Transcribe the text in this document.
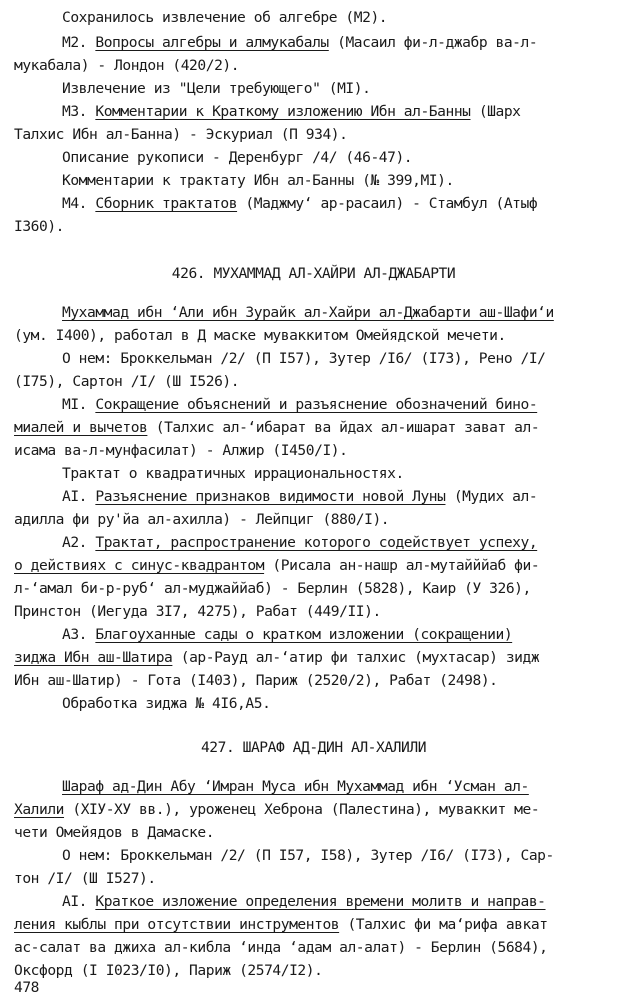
Сохранилось извлечение об алгебре (М2).

М2. Вопросы алгебры и алмукабалы (Масаил фи-л-джабр ва-л-

мукабала) - Лондон (420/2).

Извлечение из "Цели требующего" (МI).

М3. Комментарии к Краткому изложению Ибн ал-Банны (Шарх

Талхис Ибн ал-Банна) - Эскуриал (П 934).

Описание рукописи - Деренбург /4/ (46-47).

Комментарии к трактату Ибн ал-Банны (№ 399,МI).

М4. Сборник трактатов (Маджму‘ ар-расаил) - Стамбул (Атыф

I360).

426. МУХАММАД АЛ-ХАЙРИ АЛ-ДЖАБАРТИ

Мухаммад ибн ‘Али ибн Зурайк ал-Хайри ал-Джабарти аш-Шафи‘и

(ум. I400), работал в Д маске муваккитом Омейядской мечети.

О нем: Броккельман /2/ (П I57), Зутер /I6/ (I73), Рено /I/

(I75), Сартон /I/ (Ш I526).

МI. Сокращение объяснений и разъяснение обозначений бино-

миалей и вычетов (Талхис ал-‘ибарат ва йдах ал-ишарат зават ал-

исама ва-л-мунфасилат) - Алжир (I450/I).

Трактат о квадратичных иррациональностях.

АI. Разъяснение признаков видимости новой Луны (Мудих ал-

адилла фи ру'йа ал-ахилла) - Лейпциг (880/I).

А2. Трактат, распространение которого содействует успеху,

о действиях с синус-квадрантом (Рисала ан-нашр ал-мутайййаб фи-

л-‘амал би-р-руб‘ ал-муджаййаб) - Берлин (5828), Каир (У 326),

Принстон (Иегуда 3I7, 4275), Рабат (449/II).

А3. Благоуханные сады о кратком изложении (сокращении)

зиджа Ибн аш-Шатира (ар-Рауд ал-‘атир фи талхис (мухтасар) зидж

Ибн аш-Шатир) - Гота (I403), Париж (2520/2), Рабат (2498).

Обработка зиджа № 4I6,А5.

427. ШАРАФ АД-ДИН АЛ-ХАЛИЛИ

Шараф ад-Дин Абу ‘Имран Муса ибн Мухаммад ибн ‘Усман ал-

Халили (XIУ-ХУ вв.), уроженец Хеброна (Палестина), муваккит ме-

чети Омейядов в Дамаске.

О нем: Броккельман /2/ (П I57, I58), Зутер /I6/ (I73), Сар-

тон /I/ (Ш I527).

АI. Краткое изложение определения времени молитв и направ-

ления кыблы при отсутствии инструментов (Талхис фи ма‘рифа авкат

ас-салат ва джиха ал-кибла ‘инда ‘адам ал-алат) - Берлин (5684),

Оксфорд (I I023/I0), Париж (2574/I2).

478
